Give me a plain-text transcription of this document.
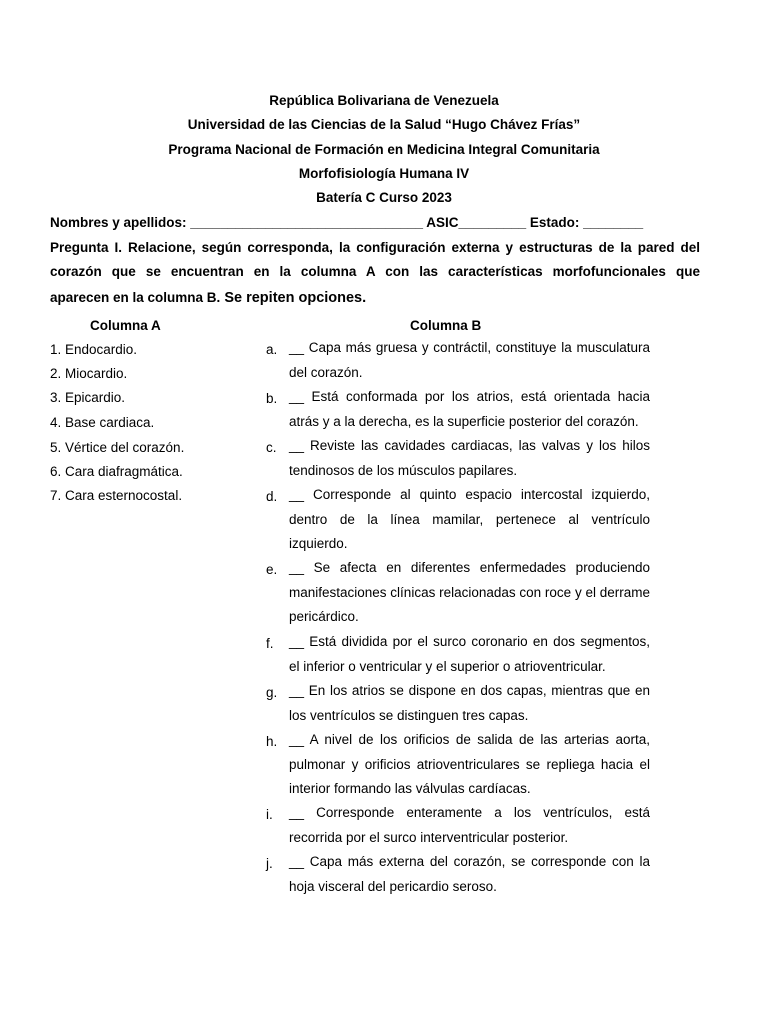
República Bolivariana de Venezuela
Universidad de las Ciencias de la Salud “Hugo Chávez Frías”
Programa Nacional de Formación en Medicina Integral Comunitaria
Morfofisiología Humana IV
Batería C Curso 2023
Nombres y apellidos: _______________________________ ASIC_________ Estado: ________
Pregunta I. Relacione, según corresponda, la configuración externa y estructuras de la pared del
corazón que se encuentran en la columna A con las características morfofuncionales que
aparecen en la columna B. Se repiten opciones.
Columna A	Columna B
1. Endocardio.
2. Miocardio.
3. Epicardio.
4. Base cardiaca.
5. Vértice del corazón.
6. Cara diafragmática.
7. Cara esternocostal.
a. __ Capa más gruesa y contráctil, constituye la musculatura del corazón.
b. __ Está conformada por los atrios, está orientada hacia atrás y a la derecha, es la superficie posterior del corazón.
c. __ Reviste las cavidades cardiacas, las valvas y los hilos tendinosos de los músculos papilares.
d. __ Corresponde al quinto espacio intercostal izquierdo, dentro de la línea mamilar, pertenece al ventrículo izquierdo.
e. __ Se afecta en diferentes enfermedades produciendo manifestaciones clínicas relacionadas con roce y el derrame pericárdico.
f. __ Está dividida por el surco coronario en dos segmentos, el inferior o ventricular y el superior o atrioventricular.
g. __ En los atrios se dispone en dos capas, mientras que en los ventrículos se distinguen tres capas.
h. __ A nivel de los orificios de salida de las arterias aorta, pulmonar y orificios atrioventriculares se repliega hacia el interior formando las válvulas cardíacas.
i. __ Corresponde enteramente a los ventrículos, está recorrida por el surco interventricular posterior.
j. __ Capa más externa del corazón, se corresponde con la hoja visceral del pericardio seroso.
